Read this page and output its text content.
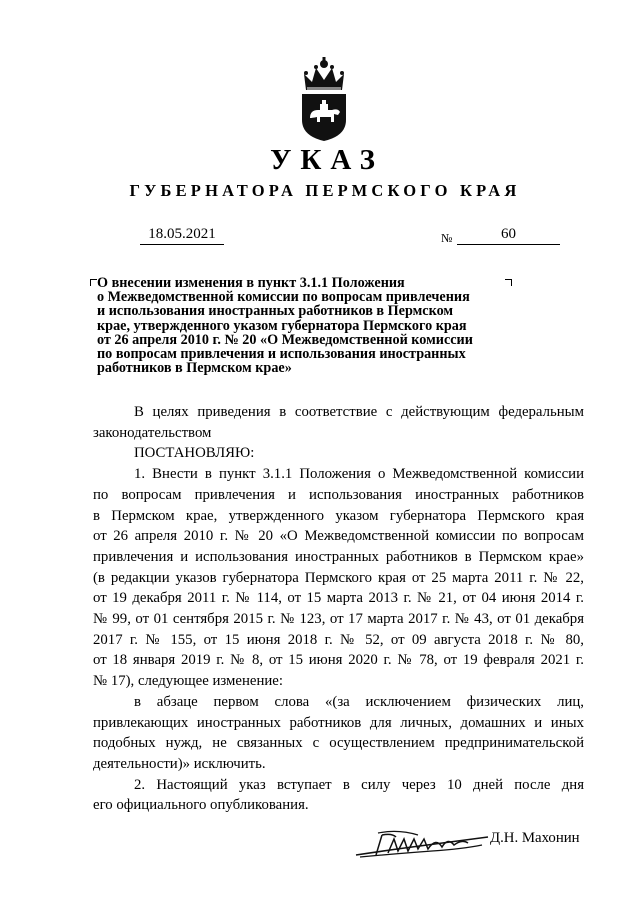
УКАЗ
ГУБЕРНАТОРА ПЕРМСКОГО КРАЯ
18.05.2021	№	60
О внесении изменения в пункт 3.1.1 Положения
о Межведомственной комиссии по вопросам привлечения
и использования иностранных работников в Пермском
крае, утвержденного указом губернатора Пермского края
от 26 апреля 2010 г. № 20 «О Межведомственной комиссии
по вопросам привлечения и использования иностранных
работников в Пермском крае»
В целях приведения в соответствие с действующим федеральным
законодательством
ПОСТАНОВЛЯЮ:
1. Внести в пункт 3.1.1 Положения о Межведомственной комиссии
по вопросам привлечения и использования иностранных работников
в Пермском крае, утвержденного указом губернатора Пермского края
от 26 апреля 2010 г. № 20 «О Межведомственной комиссии по вопросам
привлечения и использования иностранных работников в Пермском крае»
(в редакции указов губернатора Пермского края от 25 марта 2011 г. № 22,
от 19 декабря 2011 г. № 114, от 15 марта 2013 г. № 21, от 04 июня 2014 г.
№ 99, от 01 сентября 2015 г. № 123, от 17 марта 2017 г. № 43, от 01 декабря
2017 г. № 155, от 15 июня 2018 г. № 52, от 09 августа 2018 г. № 80,
от 18 января 2019 г. № 8, от 15 июня 2020 г. № 78, от 19 февраля 2021 г.
№ 17), следующее изменение:
в абзаце первом слова «(за исключением физических лиц,
привлекающих иностранных работников для личных, домашних и иных
подобных нужд, не связанных с осуществлением предпринимательской
деятельности)» исключить.
2. Настоящий указ вступает в силу через 10 дней после дня
его официального опубликования.
Д.Н. Махонин
